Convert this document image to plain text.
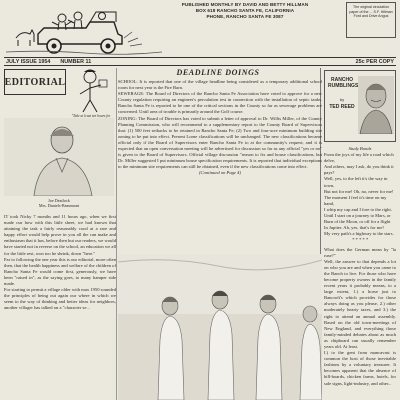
PUBLISHED MONTHLY BY DAVID AND BETTY HILLMAN
BOX 618 RANCHO SANTA FE, CALIFORNIA
PHONE, RANCHO SANTA FE 3087
The original circulation paper of the ... S.F. Hillman Ford and Drive Angus
JULY ISSUE 1954 NUMBER 11	25c PER COPY
EDITORIAL
"Take at least ten hours for
Joe Deatlock
Mrs. Daniels-Beaumont
IT took Nicky 7 months and 11 hours ago, when we first made our how with this little sheet, we had known that attaining the task a fairly reasonably cood at a rare and happy effort would help prove in you all the can make and enthusiasm that it has, before then but our readers, we would have started not in reverse on the school, an education we all for the little rest, won too he shrink, down "here."
Far to following the one year this is our editorial, more often then, that the health happiness and welfare of the children of Rancho Santa Fe would come first, generously, we have been "raised in", as the saying goes, to many hamper side made.
For starting to permit a village older with max 1950 sounded the principles of being out again our where in which we seem to the way of thinking and better ideas for neighbors, another villager has talked on a "character se...
DEADLINE DOINGS

SCHOOL: It is reported that one of the village headline being considered as a temporary additional school room for next year is the Fire Barn.

SEWERAGE: The Board of Directors of the Rancho Santa Fe Association have voted to approve for a new County regulation requiring an engineer's perculation test in connection with the installation of septic tanks. Rancho Santa Fe is reported to be one of the critical sections in the County so far as sewerage problems are concerned. Until area of trouble is primarily around the Golf course.

ZONING: The Board of Directors has voted to submit a letter of approval to Dr. Willis Miller, of the County Planning Commission, who will recommend to a supplementary report to the County Board of Supervisors that: (1) 500 feet setbacks to be retained in Rancho Santa Fe; (2) Two and four-acre minimum building site zoning to be put into effect. Present Lorne classifications will be unchanged. The new classifications became official only if the Board of Supervisors enter Rancho Santa Fe to at the community's request; and it is expected that an open conversation meeting will be advertised for discussion so far as any official "yes or no" is given to the Board of Supervisors. Official village discussion "reason to fix and house classifications, but Dr. Miller suggested I put minimum house specification requirements. It is reported that individual exceptions to the minimum site requirements can still be obtained, even if the new classifications come into effect.

(Continued on Page 4)

RANCHO RUMBLINGS
by
TED REED
Study Bonds
From the joys of my life a road which delve,
And others, may I ask, do you think it pays?
Well, yes, to the left it's the way in town,
But not for me! Oh, no, never for me!
The moment I feel it's time on my hand,
I whip my cap and I fore to the right.
Until I start on a journey to Mars, or Burn of the Moon, or off for a flight
In Jupiter. Ah, yes, that's for me!
My very path's a highway to the stars.
* * * * *
What does the German mean by "la ruse?"
Well, the answer to that depends a lot on who you are and when you came to the Ranch to live. For those who have become property owners in the family recent years it probably means, to a large extent, 1.) a horse just to Bancroft's which provides for those always doing as you please, 2.) other moderately hearty taxes, and 3.) the right to attend an annual assembly. Based on the old town-meetings of New England, and everything those family-minded debates about as much as chipboard can usually remember years old. At least.
I.) to the gent from mancavast is common the host of those inevitable fashions by a voluntary treasurer. It becomes apparent that the absence of bill-boards, chicken farms, hotels, for sale signs, light-industry, and other...
